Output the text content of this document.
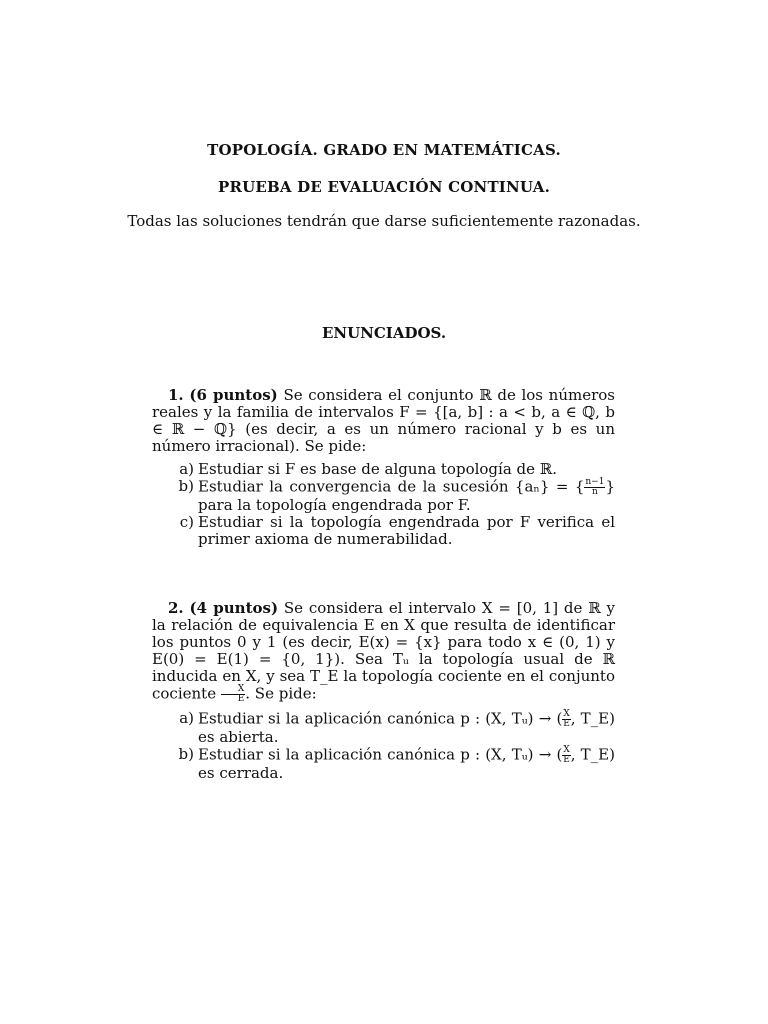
TOPOLOGÍA. GRADO EN MATEMÁTICAS.
PRUEBA DE EVALUACIÓN CONTINUA.
Todas las soluciones tendrán que darse suficientemente razonadas.
ENUNCIADOS.

1. (6 puntos) Se considera el conjunto ℝ de los números reales y la familia de intervalos F = {[a, b] : a < b, a ∈ ℚ, b ∈ ℝ − ℚ} (es decir, a es un número racional y b es un número irracional). Se pide:

a) Estudiar si F es base de alguna topología de ℝ.
b) Estudiar la convergencia de la sucesión {aₙ} = { $\frac{n-1}{n}$ } para la topología engendrada por F.
c) Estudiar si la topología engendrada por F verifica el primer axioma de numerabilidad.

2. (4 puntos) Se considera el intervalo X = [0, 1] de ℝ y la relación de equivalencia E en X que resulta de identificar los puntos 0 y 1 (es decir, E(x) = {x} para todo x ∈ (0, 1) y E(0) = E(1) = {0, 1}). Sea Tᵤ la topología usual de ℝ inducida en X, y sea T_E la topología cociente en el conjunto cociente $\frac{X}{E}$ . Se pide:

a) Estudiar si la aplicación canónica p : (X, Tᵤ) → ( $\frac{X}{E}$ , T_E) es abierta.
b) Estudiar si la aplicación canónica p : (X, Tᵤ) → ( $\frac{X}{E}$ , T_E) es cerrada.
